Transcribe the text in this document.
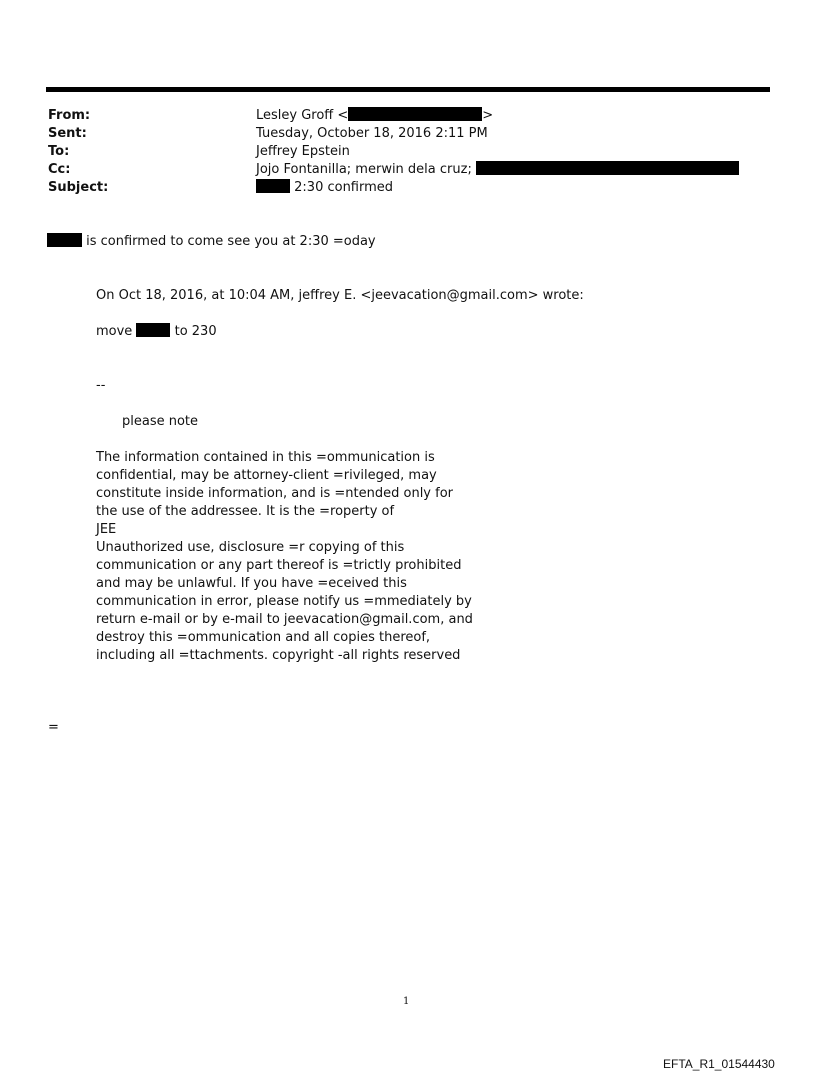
From:	Lesley Groff <	>
Sent:	Tuesday, October 18, 2016 2:11 PM
To:	Jeffrey Epstein
Cc:	Jojo Fontanilla; merwin dela cruz;
Subject:	2:30 confirmed
is confirmed to come see you at 2:30 =oday
On Oct 18, 2016, at 10:04 AM, jeffrey E. <jeevacation@gmail.com> wrote:
move	to 230
--
please note
The information contained in this =ommunication is
confidential, may be attorney-client =rivileged, may
constitute inside information, and is =ntended only for
the use of the addressee. It is the =roperty of
JEE
Unauthorized use, disclosure =r copying of this
communication or any part thereof is =trictly prohibited
and may be unlawful. If you have =eceived this
communication in error, please notify us =mmediately by
return e-mail or by e-mail to jeevacation@gmail.com, and
destroy this =ommunication and all copies thereof,
including all =ttachments. copyright -all rights reserved
=
1
EFTA_R1_01544430
